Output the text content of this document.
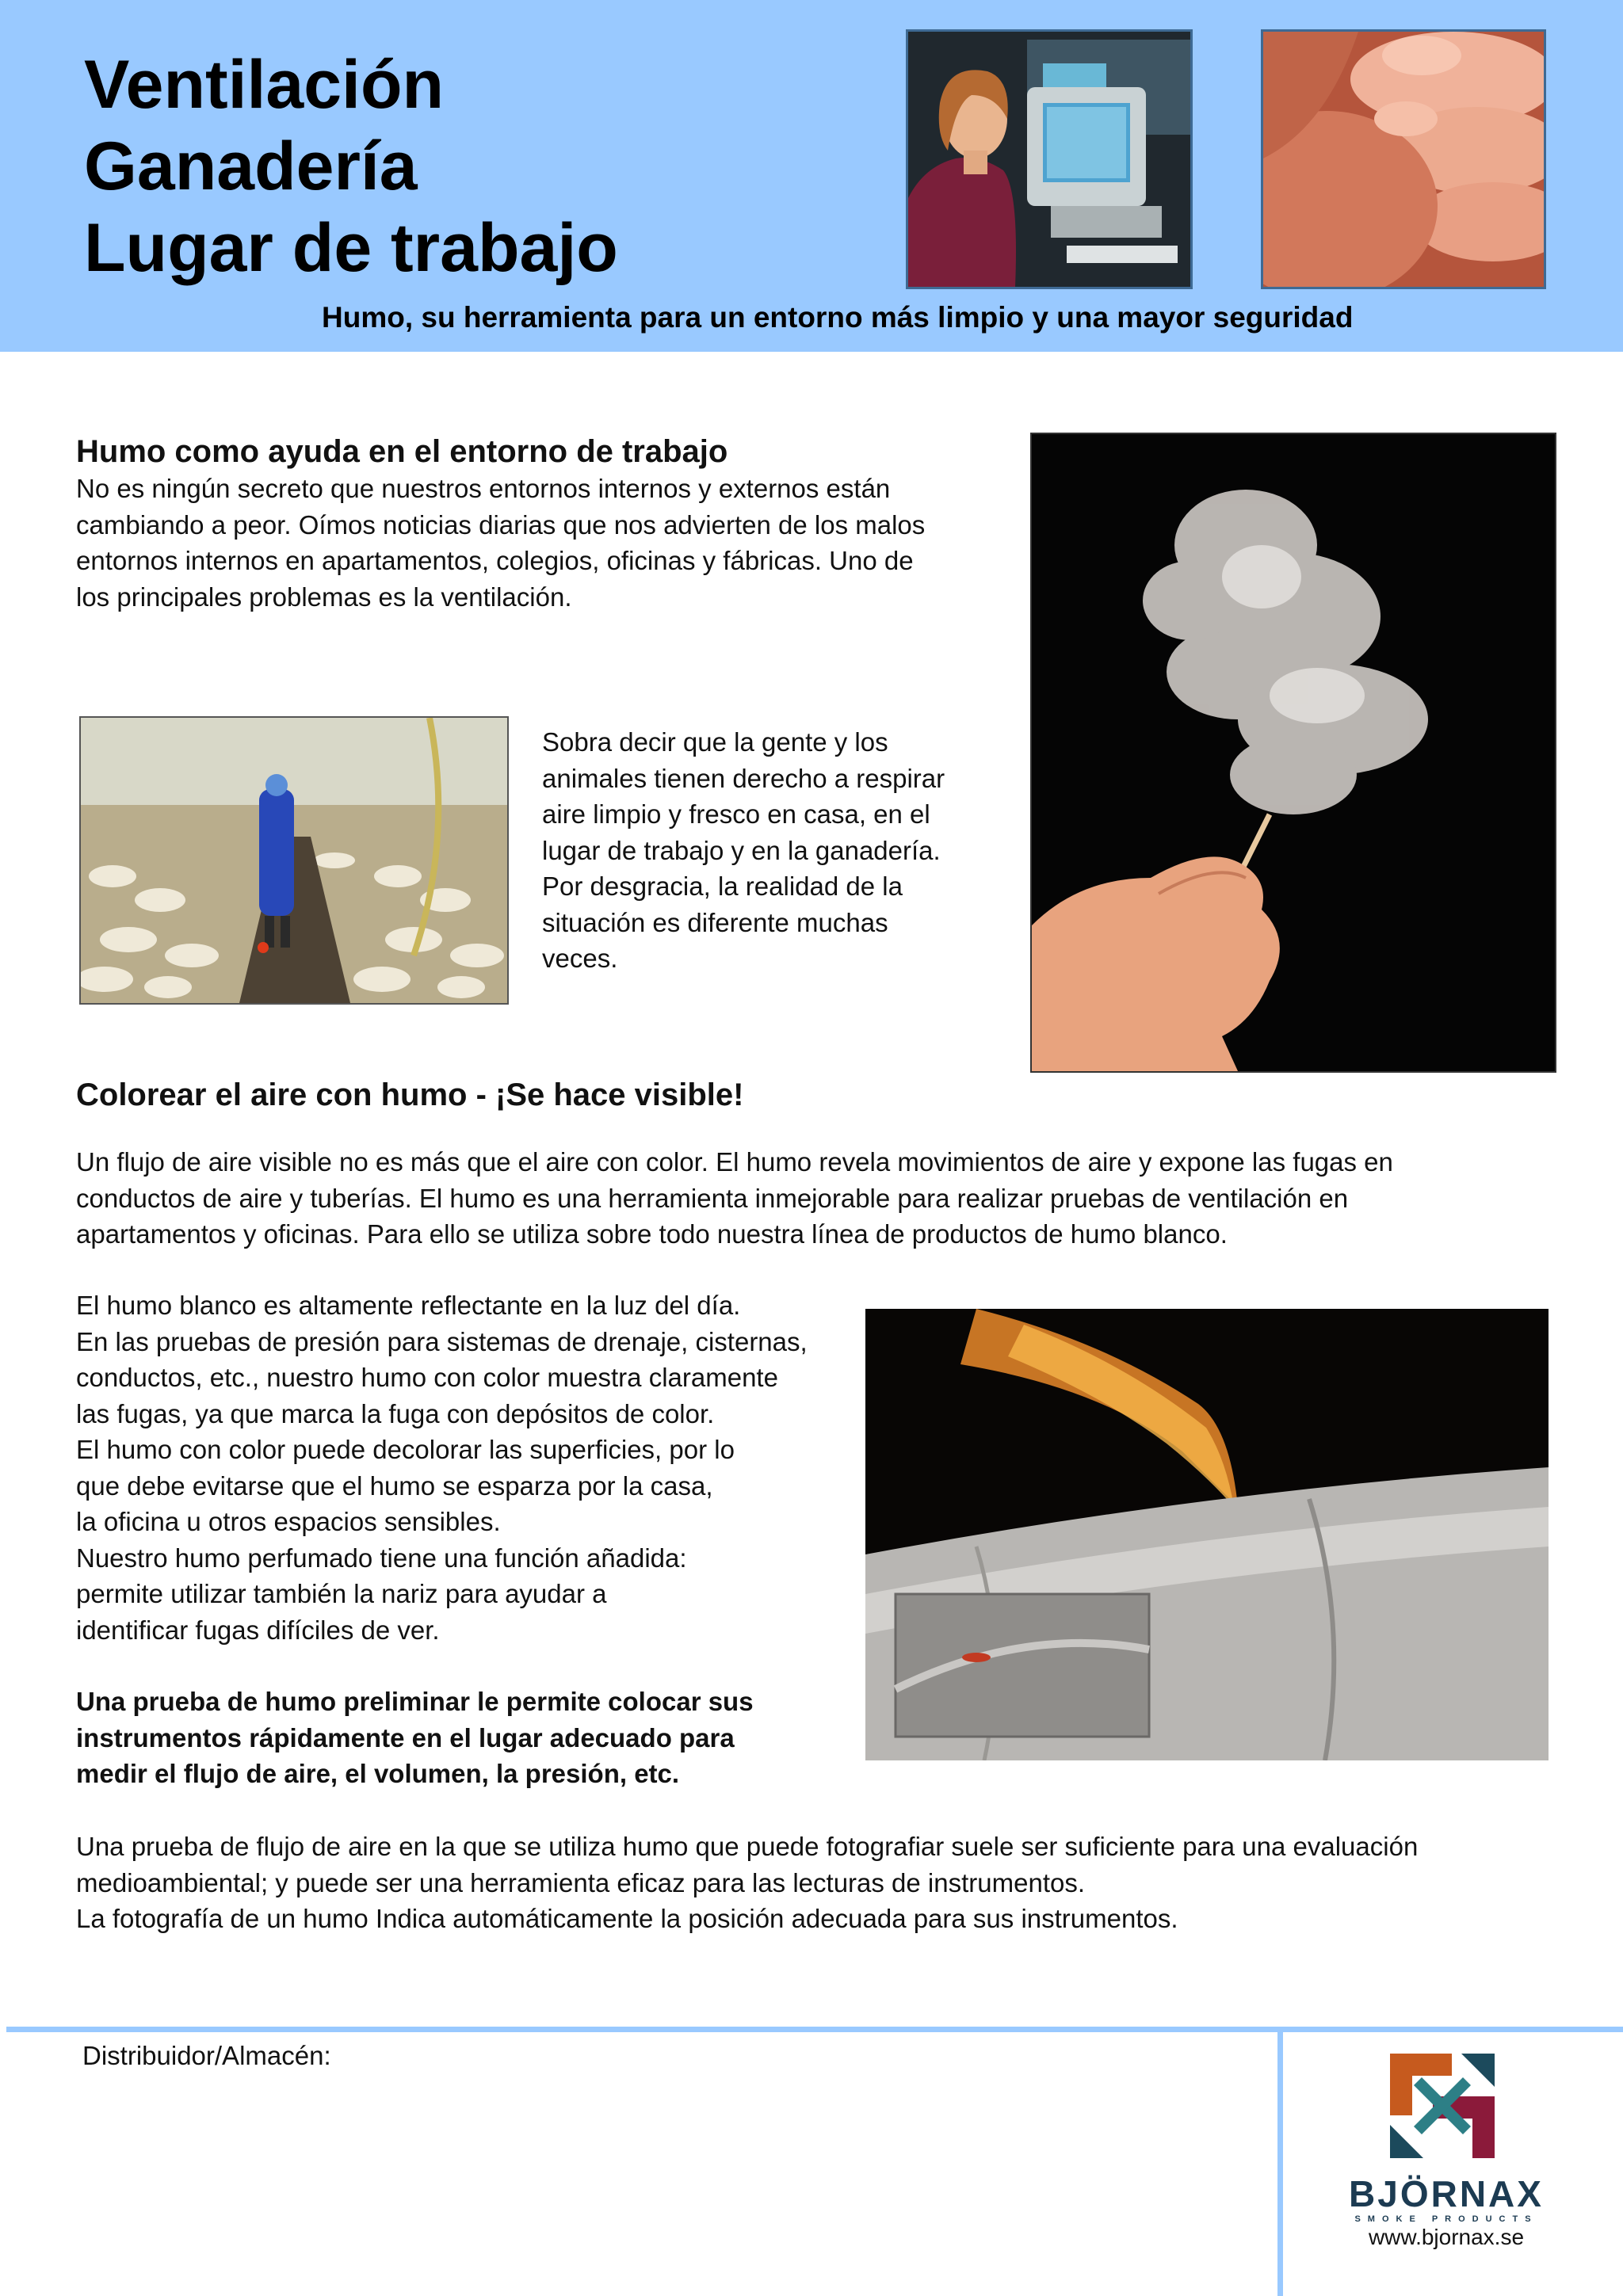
Ventilación
Ganadería
Lugar de trabajo

Humo, su herramienta para un entorno más limpio y una mayor seguridad

Humo como ayuda en el entorno de trabajo

No es ningún secreto que nuestros entornos internos y externos están
cambiando a peor. Oímos noticias diarias que nos advierten de los malos
entornos internos en apartamentos, colegios, oficinas y fábricas. Uno de
los principales problemas es la ventilación.

Sobra decir que la gente y los
animales tienen derecho a respirar
aire limpio y fresco en casa, en el
lugar de trabajo y en la ganadería.
Por desgracia, la realidad de la
situación es diferente muchas
veces.

Colorear el aire con humo - ¡Se hace visible!

Un flujo de aire visible no es más que el aire con color. El humo revela movimientos de aire y expone las fugas en
conductos de aire y tuberías. El humo es una herramienta inmejorable para realizar pruebas de ventilación en
apartamentos y oficinas. Para ello se utiliza sobre todo nuestra línea de productos de humo blanco.

El humo blanco es altamente reflectante en la luz del día.
En las pruebas de presión para sistemas de drenaje, cisternas,
conductos, etc., nuestro humo con color muestra claramente
las fugas, ya que marca la fuga con depósitos de color.
El humo con color puede decolorar las superficies, por lo
que debe evitarse que el humo se esparza por la casa,
la oficina u otros espacios sensibles.
Nuestro humo perfumado tiene una función añadida:
permite utilizar también la nariz para ayudar a
identificar fugas difíciles de ver.

Una prueba de humo preliminar le permite colocar sus
instrumentos rápidamente en el lugar adecuado para
medir el flujo de aire, el volumen, la presión, etc.

Una prueba de flujo de aire en la que se utiliza humo que puede fotografiar suele ser suficiente para una evaluación
medioambiental; y puede ser una herramienta eficaz para las lecturas de instrumentos.
La fotografía de un humo Indica automáticamente la posición adecuada para sus instrumentos.

Distribuidor/Almacén:

BJÖRNAX
SMOKE PRODUCTS
www.bjornax.se
